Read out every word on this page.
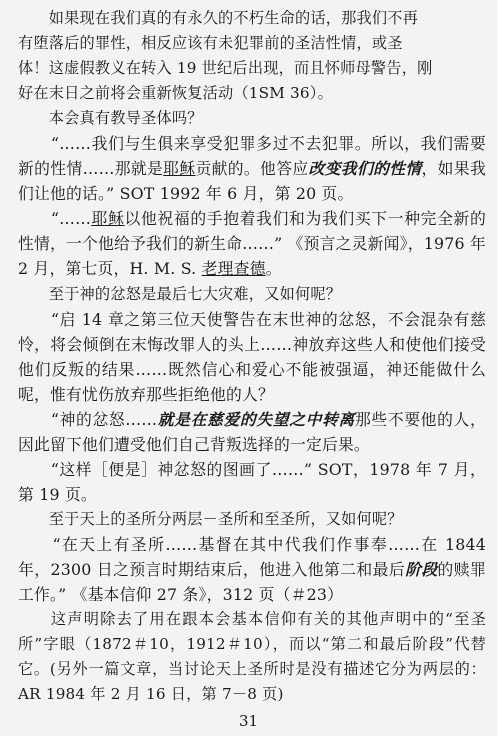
　　如果现在我们真的有永久的不朽生命的话，那我们不再

有堕落后的罪性，相反应该有未犯罪前的圣洁性情，或圣

体！这虚假教义在转入 19 世纪后出现，而且怀师母警告，刚

好在末日之前将会重新恢复活动（1SM 36）。

　　本会真有教导圣体吗？

　　“……我们与生俱来享受犯罪多过不去犯罪。所以，我们需要新的性情……那就是耶稣贡献的。他答应改变我们的性情，如果我们让他的话。” SOT 1992 年 6 月，第 20 页。

　　“……耶稣以他祝福的手抱着我们和为我们买下一种完全新的性情，一个他给予我们的新生命……” 《预言之灵新闻》，1976 年 2 月，第七页，H. M. S. 老理查德。

　　至于神的忿怒是最后七大灾难，又如何呢？

　　“启 14 章之第三位天使警告在末世神的忿怒，不会混杂有慈怜，将会倾倒在末悔改罪人的头上……神放弃这些人和使他们接受他们反叛的结果……既然信心和爱心不能被强逼，神还能做什么呢，惟有忧伤放弃那些拒绝他的人？

　　“神的忿怒……就是在慈爱的失望之中转离那些不要他的人，因此留下他们遭受他们自己背叛选择的一定后果。

　　“这样［便是］神忿怒的图画了……” SOT，1978 年 7 月，第 19 页。

　　至于天上的圣所分两层－圣所和至圣所，又如何呢？

　　“在天上有圣所……基督在其中代我们作事奉……在 1844 年，2300 日之预言时期结束后，他进入他第二和最后阶段的赎罪工作。” 《基本信仰 27 条》，312 页（＃23）

　　这声明除去了用在跟本会基本信仰有关的其他声明中的“至圣所”字眼（1872＃10，1912＃10），而以“第二和最后阶段”代替它。(另外一篇文章，当讨论天上圣所时是没有描述它分为两层的：AR 1984 年 2 月 16 日，第 7－8 页)

31
